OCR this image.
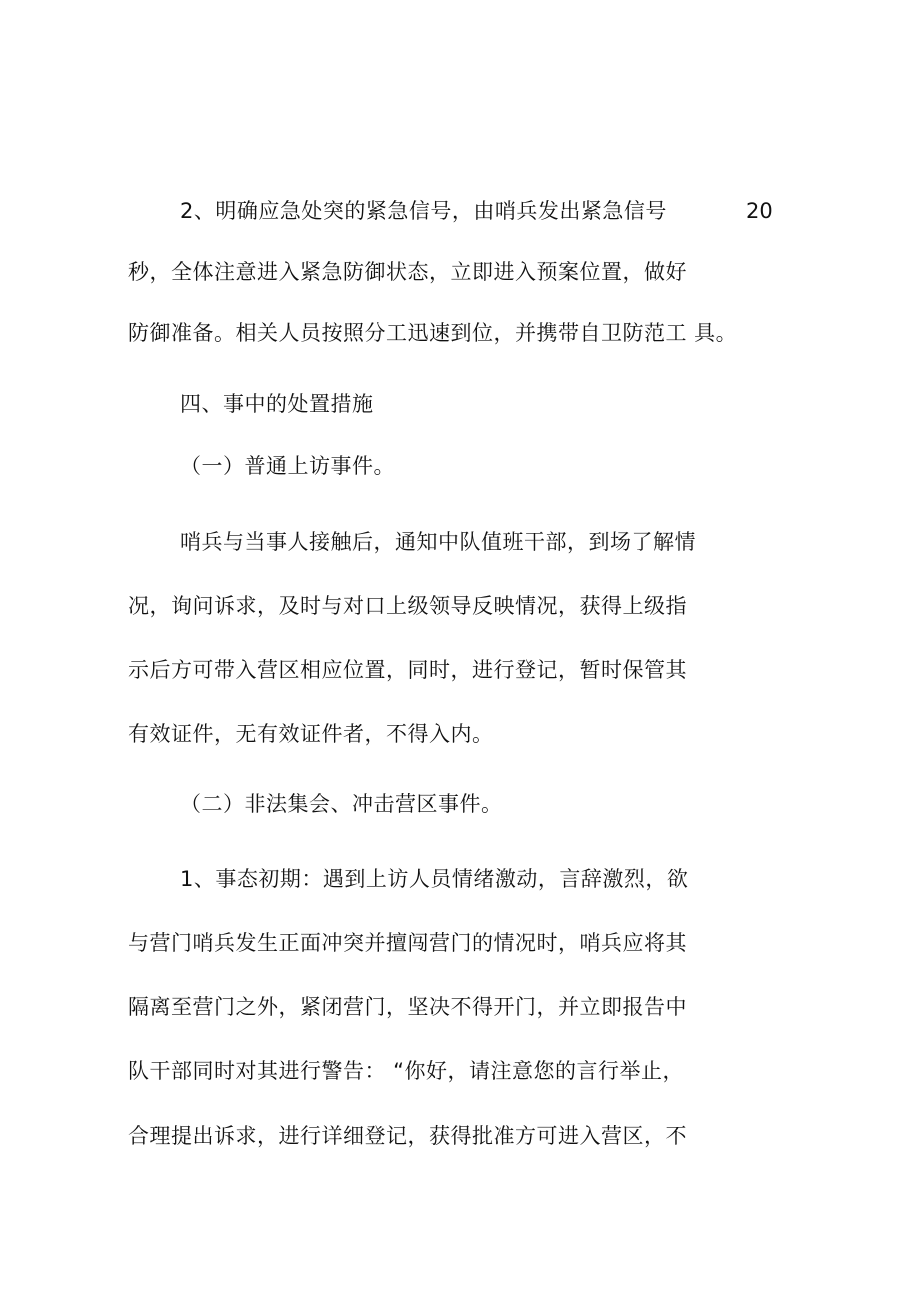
2、明确应急处突的紧急信号，由哨兵发出紧急信号	20
秒，全体注意进入紧急防御状态，立即进入预案位置，做好
防御准备。相关人员按照分工迅速到位，并携带自卫防范工 具。
四、事中的处置措施
（一）普通上访事件。
哨兵与当事人接触后，通知中队值班干部，到场了解情
况，询问诉求，及时与对口上级领导反映情况，获得上级指
示后方可带入营区相应位置，同时，进行登记，暂时保管其
有效证件，无有效证件者，不得入内。
（二）非法集会、冲击营区事件。
1、事态初期：遇到上访人员情绪激动，言辞激烈，欲
与营门哨兵发生正面冲突并擅闯营门的情况时，哨兵应将其
隔离至营门之外，紧闭营门，坚决不得开门，并立即报告中
队干部同时对其进行警告： “你好，请注意您的言行举止，
合理提出诉求，进行详细登记，获得批准方可进入营区，不
